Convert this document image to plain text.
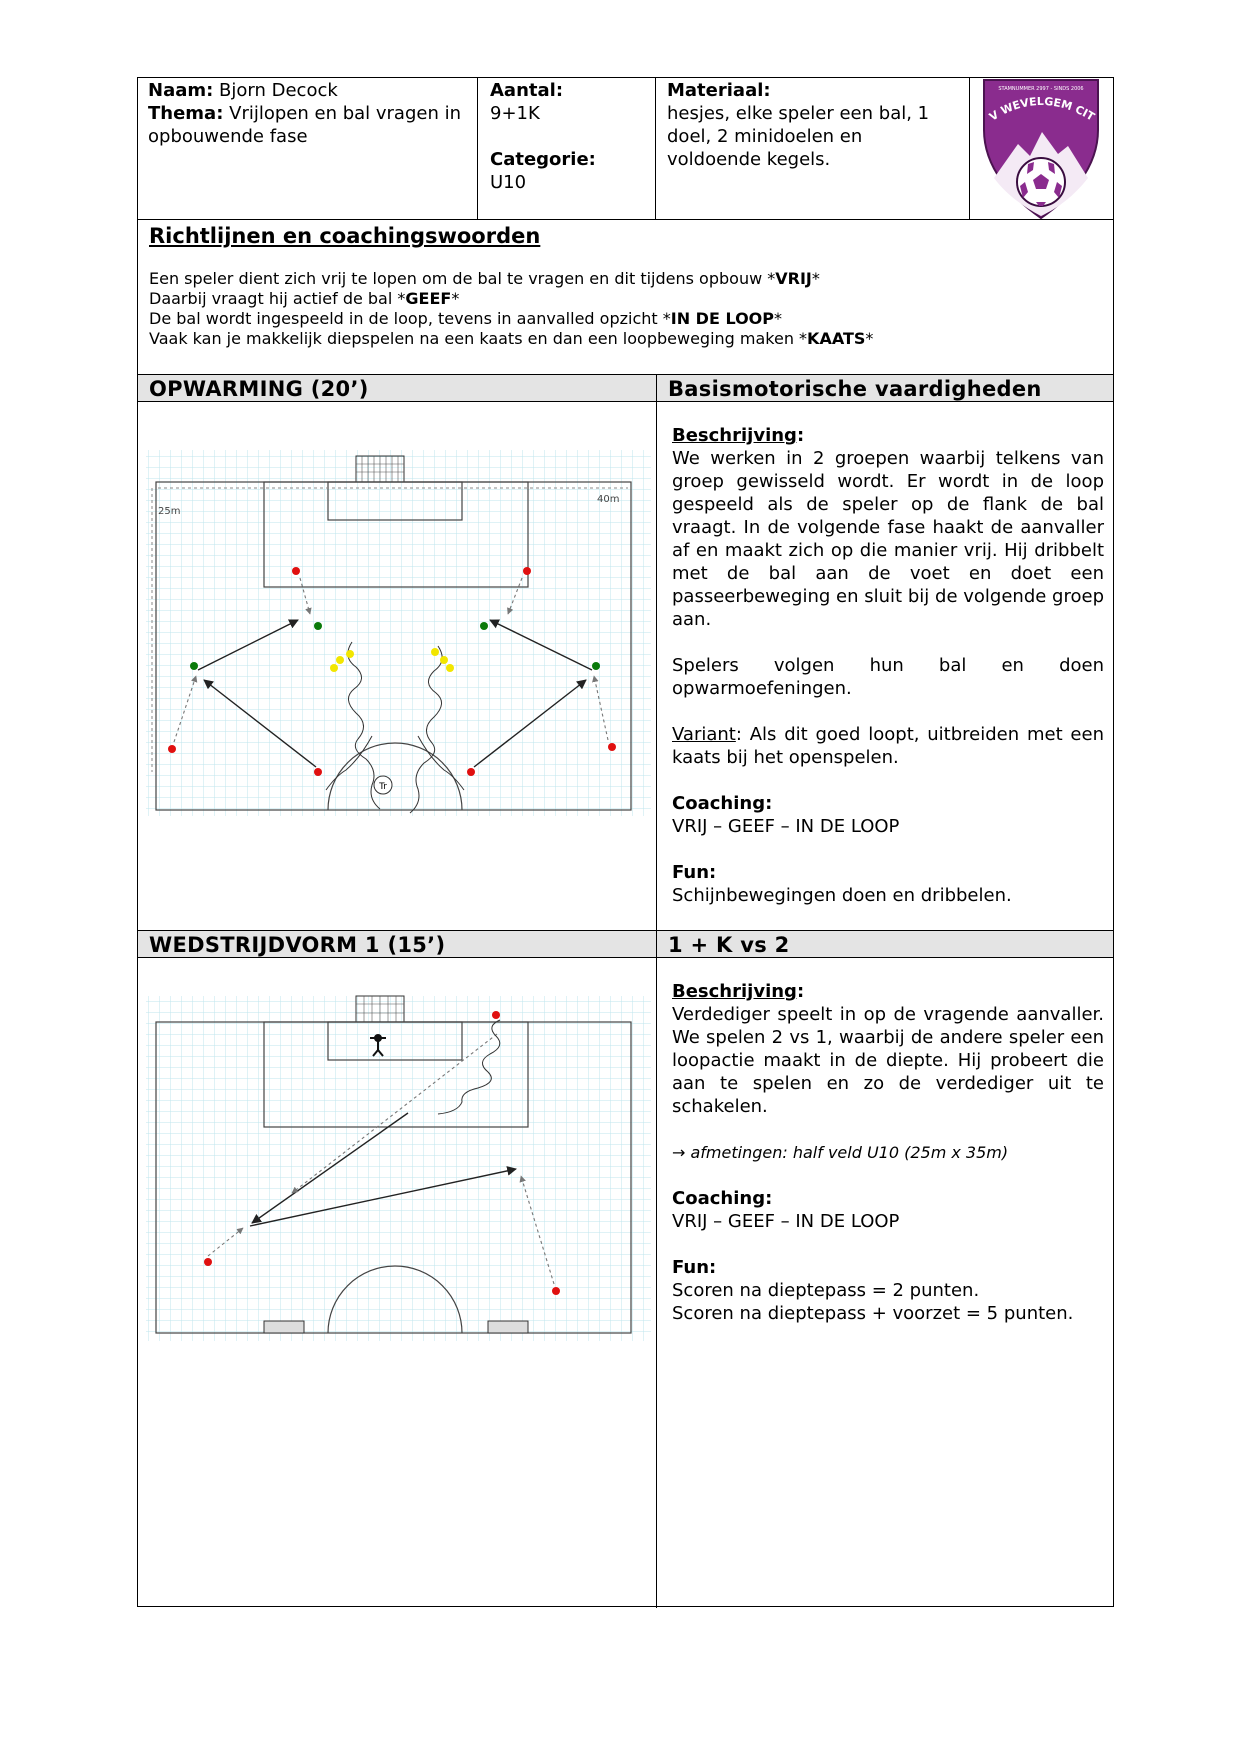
Naam: Bjorn Decock

Thema: Vrijlopen en bal vragen in opbouwende fase

Aantal:

9+1K

Categorie:

U10

Materiaal:

hesjes, elke speler een bal, 1 doel, 2 minidoelen en voldoende kegels.

STAMNUMMER 2997 - SINDS 2006
V WEVELGEM CIT

Richtlijnen en coachingswoorden

Een speler dient zich vrij te lopen om de bal te vragen en dit tijdens opbouw *VRIJ*

Daarbij vraagt hij actief de bal *GEEF*

De bal wordt ingespeeld in de loop, tevens in aanvalled opzicht *IN DE LOOP*

Vaak kan je makkelijk diepspelen na een kaats en dan een loopbeweging maken *KAATS*

OPWARMING (20’)	Basismotorische vaardigheden
25m
40m
Tr

Beschrijving:

We werken in 2 groepen waarbij telkens van groep gewisseld wordt. Er wordt in de loop gespeeld als de speler op de flank de bal vraagt. In de volgende fase haakt de aanvaller af en maakt zich op die manier vrij. Hij dribbelt met de bal aan de voet en doet een passeerbeweging en sluit bij de volgende groep aan.

Spelers volgen hun bal en doen opwarmoefeningen.

Variant: Als dit goed loopt, uitbreiden met een kaats bij het openspelen.

Coaching:

VRIJ – GEEF – IN DE LOOP

Fun:

Schijnbewegingen doen en dribbelen.

WEDSTRIJDVORM 1 (15’)	1 + K vs 2

Beschrijving:

Verdediger speelt in op de vragende aanvaller. We spelen 2 vs 1, waarbij de andere speler een loopactie maakt in de diepte. Hij probeert die aan te spelen en zo de verdediger uit te schakelen.

→ afmetingen: half veld U10 (25m x 35m)

Coaching:

VRIJ – GEEF – IN DE LOOP

Fun:

Scoren na dieptepass = 2 punten.

Scoren na dieptepass + voorzet = 5 punten.
